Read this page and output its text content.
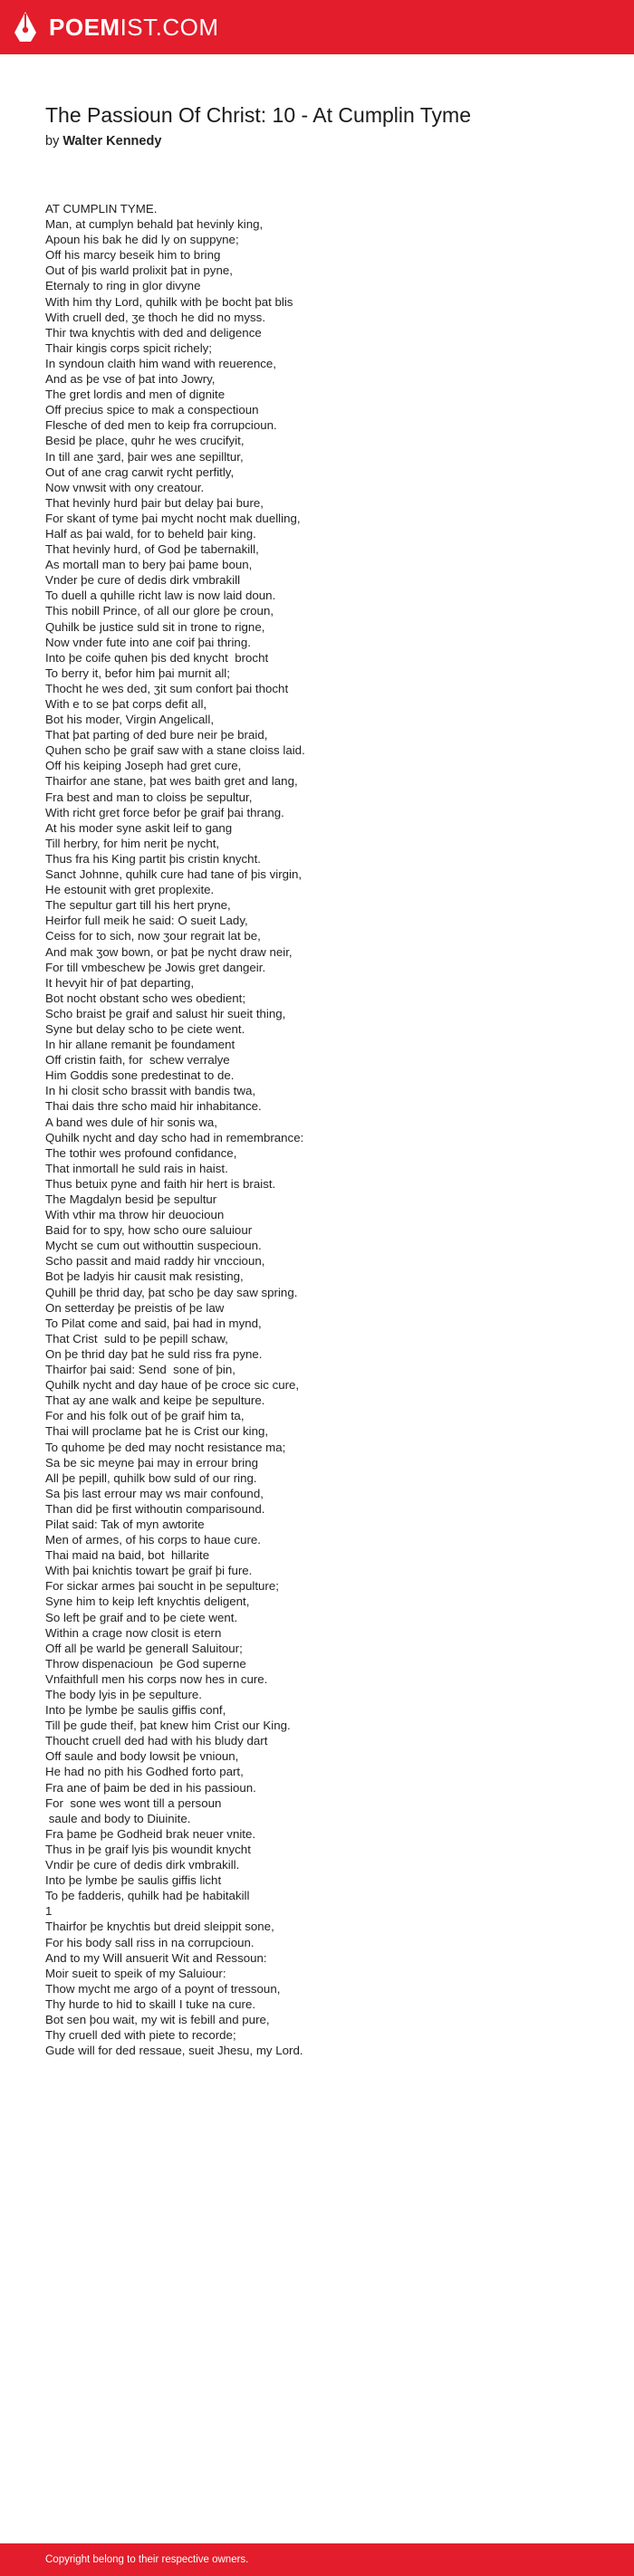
POEM IST.COM
The Passioun Of Christ: 10 - At Cumplin Tyme
by Walter Kennedy
AT CUMPLIN TYME.
Man, at cumplyn behald þat hevinly king,
Apoun his bak he did ly on suppyne;
Off his marcy beseik him to bring
Out of þis warld prolixit þat in pyne,
Eternaly to ring in glor divyne
With him thy Lord, quhilk with þe bocht þat blis
With cruell ded, ʒe thoch he did no myss.
Thir twa knychtis with ded and deligence
Thair kingis corps spicit richely;
In syndoun claith him wand with reuerence,
And as þe vse of þat into Jowry,
The gret lordis and men of dignite
Off precius spice to mak a conspectioun
Flesche of ded men to keip fra corrupcioun.
Besid þe place, quhr he wes crucifyit,
In till ane ʒard, þair wes ane sepilltur,
Out of ane crag carwit rycht perfitly,
Now vnwsit with ony creatour.
That hevinly hurd þair but delay þai bure,
For skant of tyme þai mycht nocht mak duelling,
Half as þai wald, for to beheld þair king.
That hevinly hurd, of God þe tabernakill,
As mortall man to bery þai þame boun,
Vnder þe cure of dedis dirk vmbrakill
To duell a quhille richt law is now laid doun.
This nobill Prince, of all our glore þe croun,
Quhilk be justice suld sit in trone to rigne,
Now vnder fute into ane coif þai thring.
Into þe coife quhen þis ded knycht  brocht
To berry it, befor him þai murnit all;
Thocht he wes ded, ʒit sum confort þai thocht
With e to se þat corps defit all,
Bot his moder, Virgin Angelicall,
That þat parting of ded bure neir þe braid,
Quhen scho þe graif saw with a stane cloiss laid.
Off his keiping Joseph had gret cure,
Thairfor ane stane, þat wes baith gret and lang,
Fra best and man to cloiss þe sepultur,
With richt gret force befor þe graif þai thrang.
At his moder syne askit leif to gang
Till herbry, for him nerit þe nycht,
Thus fra his King partit þis cristin knycht.
Sanct Johnne, quhilk cure had tane of þis virgin,
He estounit with gret proplexite.
The sepultur gart till his hert pryne,
Heirfor full meik he said: O sueit Lady,
Ceiss for to sich, now ʒour regrait lat be,
And mak ʒow bown, or þat þe nycht draw neir,
For till vmbeschew þe Jowis gret dangeir.
It hevyit hir of þat departing,
Bot nocht obstant scho wes obedient;
Scho braist þe graif and salust hir sueit thing,
Syne but delay scho to þe ciete went.
In hir allane remanit þe foundament
Off cristin faith, for  schew verralye
Him Goddis sone predestinat to de.
In hi closit scho brassit with bandis twa,
Thai dais thre scho maid hir inhabitance.
A band wes dule of hir sonis wa,
Quhilk nycht and day scho had in remembrance:
The tothir wes profound confidance,
That inmortall he suld rais in haist.
Thus betuix pyne and faith hir hert is braist.
The Magdalyn besid þe sepultur
With vthir ma throw hir deuocioun
Baid for to spy, how scho oure saluiour
Mycht se cum out withouttin suspecioun.
Scho passit and maid raddy hir vnccioun,
Bot þe ladyis hir causit mak resisting,
Quhill þe thrid day, þat scho þe day saw spring.
On setterday þe preistis of þe law
To Pilat come and said, þai had in mynd,
That Crist  suld to þe pepill schaw,
On þe thrid day þat he suld riss fra pyne.
Thairfor þai said: Send  sone of þin,
Quhilk nycht and day haue of þe croce sic cure,
That ay ane walk and keipe þe sepulture.
For and his folk out of þe graif him ta,
Thai will proclame þat he is Crist our king,
To quhome þe ded may nocht resistance ma;
Sa be sic meyne þai may in errour bring
All þe pepill, quhilk bow suld of our ring.
Sa þis last errour may ws mair confound,
Than did þe first withoutin comparisound.
Pilat said: Tak of myn awtorite
Men of armes, of his corps to haue cure.
Thai maid na baid, bot  hillarite
With þai knichtis towart þe graif þi fure.
For sickar armes þai soucht in þe sepulture;
Syne him to keip left knychtis deligent,
So left þe graif and to þe ciete went.
Within a crage now closit is etern
Off all þe warld þe generall Saluitour;
Throw dispenacioun  þe God superne
Vnfaithfull men his corps now hes in cure.
The body lyis in þe sepulture.
Into þe lymbe þe saulis giffis conf,
Till þe gude theif, þat knew him Crist our King.
Thoucht cruell ded had with his bludy dart
Off saule and body lowsit þe vnioun,
He had no pith his Godhed forto part,
Fra ane of þaim be ded in his passioun.
For  sone wes wont till a persoun
saule and body to Diuinite.
Fra þame þe Godheid brak neuer vnite.
Thus in þe graif lyis þis woundit knycht
Vndir þe cure of dedis dirk vmbrakill.
Into þe lymbe þe saulis giffis licht
To þe fadderis, quhilk had þe habitakill
1
Thairfor þe knychtis but dreid sleippit sone,
For his body sall riss in na corrupcioun.
And to my Will ansuerit Wit and Ressoun:
Moir sueit to speik of my Saluiour:
Thow mycht me argo of a poynt of tressoun,
Thy hurde to hid to skaill I tuke na cure.
Bot sen þou wait, my wit is febill and pure,
Thy cruell ded with piete to recorde;
Gude will for ded ressaue, sueit Jhesu, my Lord.
Copyright belong to their respective owners.
